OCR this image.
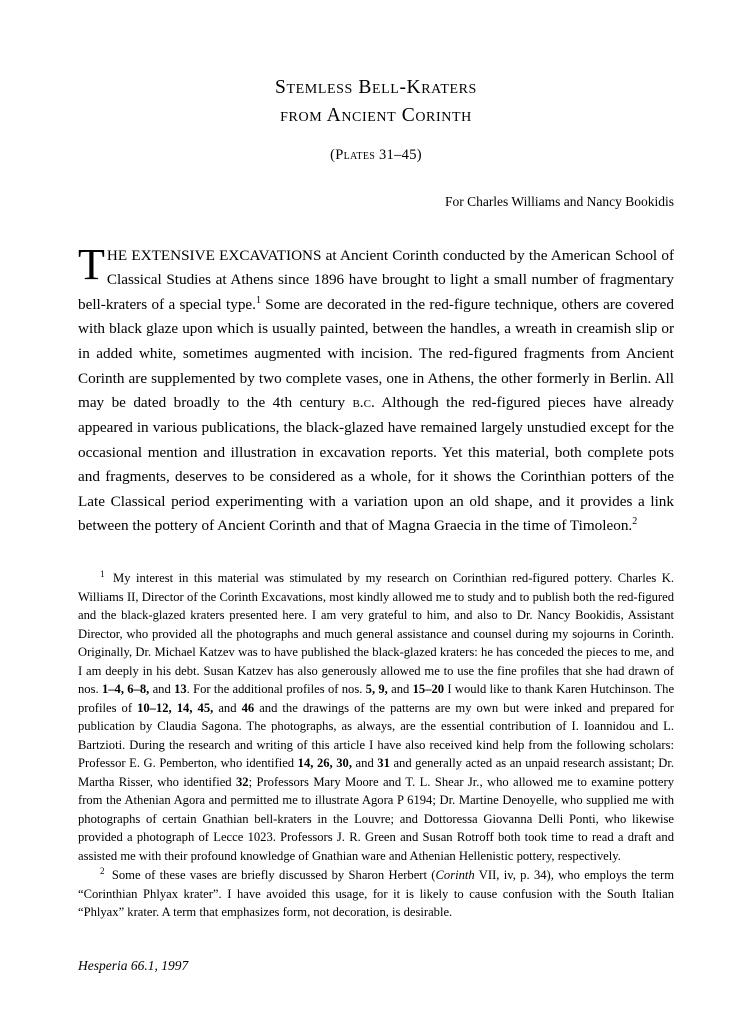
Stemless Bell-Kraters
from Ancient Corinth
(Plates 31–45)
For Charles Williams and Nancy Bookidis
THE EXTENSIVE EXCAVATIONS at Ancient Corinth conducted by the American School of Classical Studies at Athens since 1896 have brought to light a small number of fragmentary bell-kraters of a special type.$^1$ Some are decorated in the red-figure technique, others are covered with black glaze upon which is usually painted, between the handles, a wreath in creamish slip or in added white, sometimes augmented with incision. The red-figured fragments from Ancient Corinth are supplemented by two complete vases, one in Athens, the other formerly in Berlin. All may be dated broadly to the 4th century b.c. Although the red-figured pieces have already appeared in various publications, the black-glazed have remained largely unstudied except for the occasional mention and illustration in excavation reports. Yet this material, both complete pots and fragments, deserves to be considered as a whole, for it shows the Corinthian potters of the Late Classical period experimenting with a variation upon an old shape, and it provides a link between the pottery of Ancient Corinth and that of Magna Graecia in the time of Timoleon.$^2$

$^1$ My interest in this material was stimulated by my research on Corinthian red-figured pottery. Charles K. Williams II, Director of the Corinth Excavations, most kindly allowed me to study and to publish both the red-figured and the black-glazed kraters presented here. I am very grateful to him, and also to Dr. Nancy Bookidis, Assistant Director, who provided all the photographs and much general assistance and counsel during my sojourns in Corinth. Originally, Dr. Michael Katzev was to have published the black-glazed kraters: he has conceded the pieces to me, and I am deeply in his debt. Susan Katzev has also generously allowed me to use the fine profiles that she had drawn of nos. 1–4, 6–8, and 13. For the additional profiles of nos. 5, 9, and 15–20 I would like to thank Karen Hutchinson. The profiles of 10–12, 14, 45, and 46 and the drawings of the patterns are my own but were inked and prepared for publication by Claudia Sagona. The photographs, as always, are the essential contribution of I. Ioannidou and L. Bartzioti. During the research and writing of this article I have also received kind help from the following scholars: Professor E. G. Pemberton, who identified 14, 26, 30, and 31 and generally acted as an unpaid research assistant; Dr. Martha Risser, who identified 32; Professors Mary Moore and T. L. Shear Jr., who allowed me to examine pottery from the Athenian Agora and permitted me to illustrate Agora P 6194; Dr. Martine Denoyelle, who supplied me with photographs of certain Gnathian bell-kraters in the Louvre; and Dottoressa Giovanna Delli Ponti, who likewise provided a photograph of Lecce 1023. Professors J. R. Green and Susan Rotroff both took time to read a draft and assisted me with their profound knowledge of Gnathian ware and Athenian Hellenistic pottery, respectively.

$^2$ Some of these vases are briefly discussed by Sharon Herbert (Corinth VII, iv, p. 34), who employs the term “Corinthian Phlyax krater”. I have avoided this usage, for it is likely to cause confusion with the South Italian “Phlyax” krater. A term that emphasizes form, not decoration, is desirable.

Hesperia 66.1, 1997
